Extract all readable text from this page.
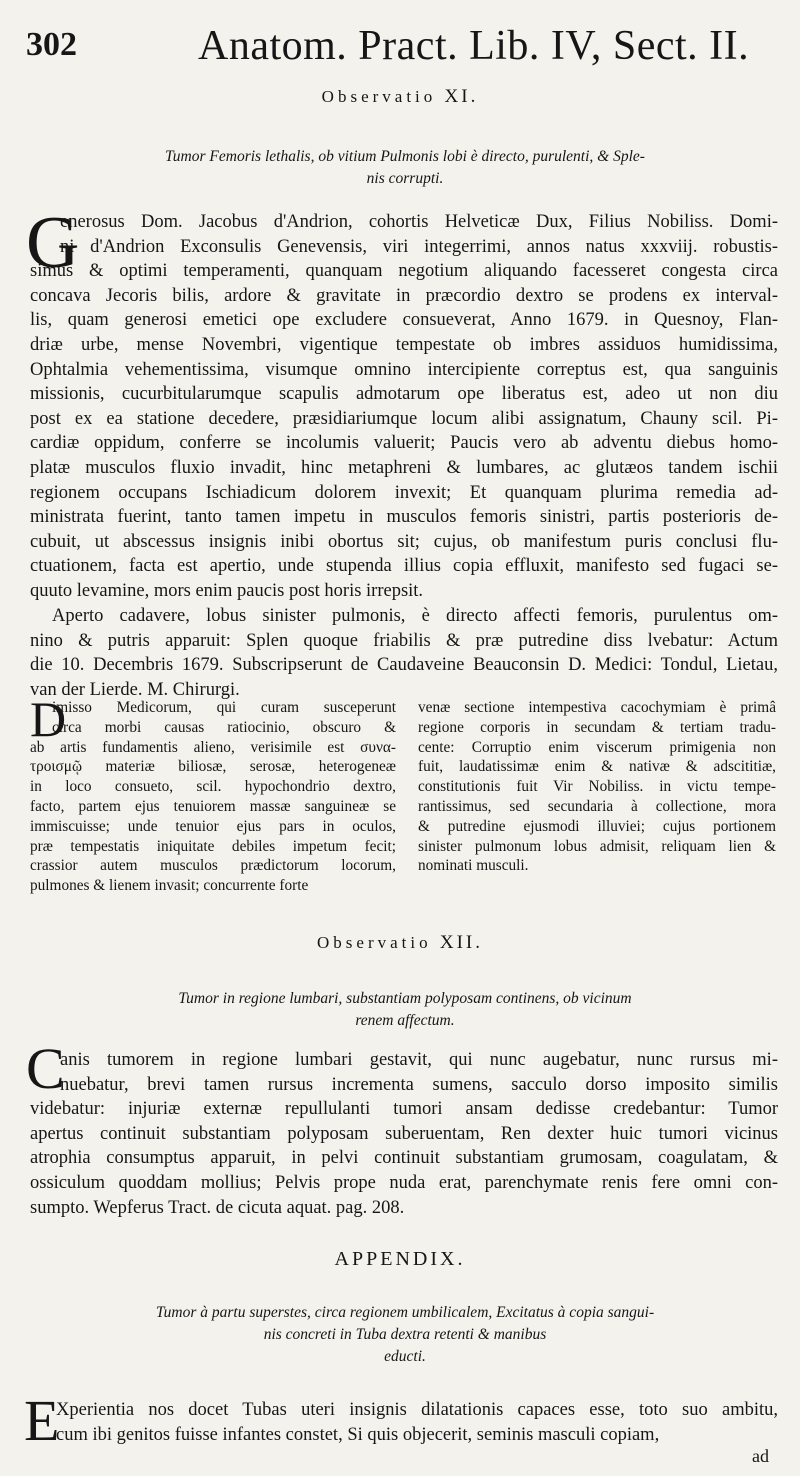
302	Anatom. Pract. Lib. IV, Sect. II.
Observatio XI.
Tumor Femoris lethalis, ob vitium Pulmonis lobi è directo, purulenti, & Sple-
nis corrupti.
G
enerosus Dom. Jacobus d'Andrion, cohortis Helveticæ Dux, Filius Nobiliss. Domi-
ni d'Andrion Exconsulis Genevensis, viri integerrimi, annos natus xxxviij. robustis-
simus & optimi temperamenti, quanquam negotium aliquando facesseret congesta circa
concava Jecoris bilis, ardore & gravitate in præcordio dextro se prodens ex interval-
lis, quam generosi emetici ope excludere consueverat, Anno 1679. in Quesnoy, Flan-
driæ urbe, mense Novembri, vigentique tempestate ob imbres assiduos humidissima,
Ophtalmia vehementissima, visumque omnino intercipiente correptus est, qua sanguinis
missionis, cucurbitularumque scapulis admotarum ope liberatus est, adeo ut non diu
post ex ea statione decedere, præsidiariumque locum alibi assignatum, Chauny scil. Pi-
cardiæ oppidum, conferre se incolumis valuerit; Paucis vero ab adventu diebus homo-
platæ musculos fluxio invadit, hinc metaphreni & lumbares, ac glutæos tandem ischii
regionem occupans Ischiadicum dolorem invexit; Et quanquam plurima remedia ad-
ministrata fuerint, tanto tamen impetu in musculos femoris sinistri, partis posterioris de-
cubuit, ut abscessus insignis inibi obortus sit; cujus, ob manifestum puris conclusi flu-
ctuationem, facta est apertio, unde stupenda illius copia effluxit, manifesto sed fugaci se-
quuto levamine, mors enim paucis post horis irrepsit.
Aperto cadavere, lobus sinister pulmonis, è directo affecti femoris, purulentus om-
nino & putris apparuit: Splen quoque friabilis & præ putredine diss lvebatur: Actum
die 10. Decembris 1679. Subscripserunt de Caudaveine Beauconsin D. Medici: Tondul, Lietau,
van der Lierde. M. Chirurgi.
D
imisso Medicorum, qui curam susceperunt
circa morbi causas ratiocinio, obscuro &
ab artis fundamentis alieno, verisimile est συνα-
τροισμῷ materiæ biliosæ, serosæ, heterogeneæ
in loco consueto, scil. hypochondrio dextro,
facto, partem ejus tenuiorem massæ sanguineæ se
immiscuisse; unde tenuior ejus pars in oculos,
præ tempestatis iniquitate debiles impetum fecit;
crassior autem musculos prædictorum locorum,
pulmones & lienem invasit; concurrente forte
venæ sectione intempestiva cacochymiam è primâ
regione corporis in secundam & tertiam tradu-
cente: Corruptio enim viscerum primigenia non
fuit, laudatissimæ enim & nativæ & adscititiæ,
constitutionis fuit Vir Nobiliss. in victu tempe-
rantissimus, sed secundaria à collectione, mora
& putredine ejusmodi illuviei; cujus portionem
sinister pulmonum lobus admisit, reliquam lien &
nominati musculi.
Observatio XII.
Tumor in regione lumbari, substantiam polyposam continens, ob vicinum
renem affectum.
C
anis tumorem in regione lumbari gestavit, qui nunc augebatur, nunc rursus mi-
nuebatur, brevi tamen rursus incrementa sumens, sacculo dorso imposito similis
videbatur: injuriæ externæ repullulanti tumori ansam dedisse credebantur: Tumor
apertus continuit substantiam polyposam suberuentam, Ren dexter huic tumori vicinus
atrophia consumptus apparuit, in pelvi continuit substantiam grumosam, coagulatam, &
ossiculum quoddam mollius; Pelvis prope nuda erat, parenchymate renis fere omni con-
sumpto. Wepferus Tract. de cicuta aquat. pag. 208.
APPENDIX.
Tumor à partu superstes, circa regionem umbilicalem, Excitatus à copia sangui-
nis concreti in Tuba dextra retenti & manibus
educti.
E
Xperientia nos docet Tubas uteri insignis dilatationis capaces esse, toto suo ambitu,
cum ibi genitos fuisse infantes constet, Si quis objecerit, seminis masculi copiam,
ad
